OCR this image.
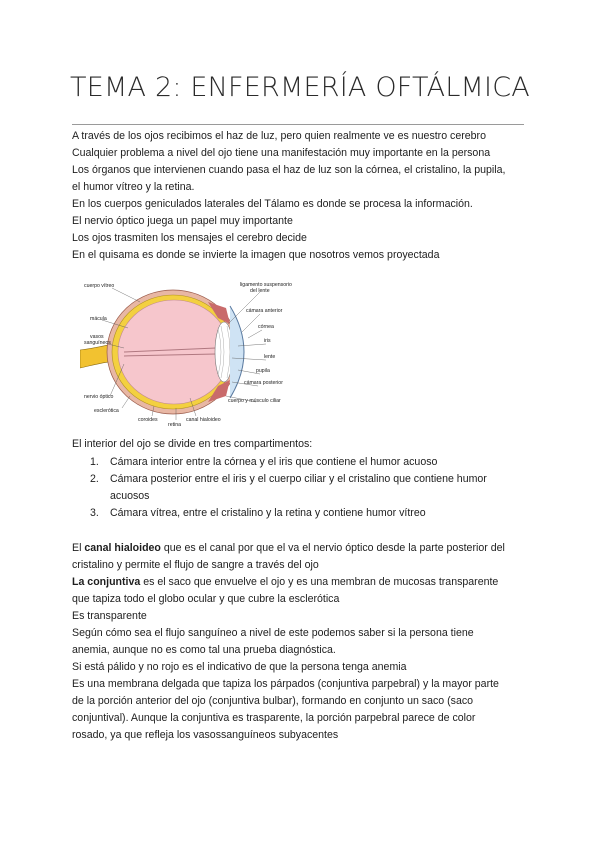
TEMA 2: ENFERMERÍA OFTÁLMICA
A través de los ojos recibimos el haz de luz, pero quien realmente ve es nuestro cerebro
Cualquier problema a nivel del ojo tiene una manifestación muy importante en la persona
Los órganos que intervienen cuando pasa el haz de luz son la córnea, el cristalino, la pupila,
el humor vítreo y la retina.
En los cuerpos geniculados laterales del Tálamo es donde se procesa la información.
El nervio óptico juega un papel muy importante
Los ojos trasmiten los mensajes el cerebro decide
En el quisama es donde se invierte la imagen que nosotros vemos proyectada
cuerpo vítreo
mácula
vasos
sanguíneos
nervio óptico
esclerótica
coroides
retina
canal hialoideo
ligamento suspensorio
del lente
cámara anterior
córnea
iris
lente
pupila
cámara posterior
cuerpo y músculo ciliar
El interior del ojo se divide en tres compartimentos:
1.	Cámara interior entre la córnea y el iris que contiene el humor acuoso
2.	Cámara posterior entre el iris y el cuerpo ciliar y el cristalino que contiene humor
acuosos
3.	Cámara vítrea, entre el cristalino y la retina y contiene humor vítreo
El canal hialoideo que es el canal por que el va el nervio óptico desde la parte posterior del
cristalino y permite el flujo de sangre a través del ojo
La conjuntiva es el saco que envuelve el ojo y es una membran de mucosas transparente
que tapiza todo el globo ocular y que cubre la esclerótica
Es transparente
Según cómo sea el flujo sanguíneo a nivel de este podemos saber si la persona tiene
anemia, aunque no es como tal una prueba diagnóstica.
Si está pálido y no rojo es el indicativo de que la persona tenga anemia
Es una membrana delgada que tapiza los párpados (conjuntiva parpebral) y la mayor parte
de la porción anterior del ojo (conjuntiva bulbar), formando en conjunto un saco (saco
conjuntival). Aunque la conjuntiva es trasparente, la porción parpebral parece de color
rosado, ya que refleja los vasossanguíneos subyacentes
